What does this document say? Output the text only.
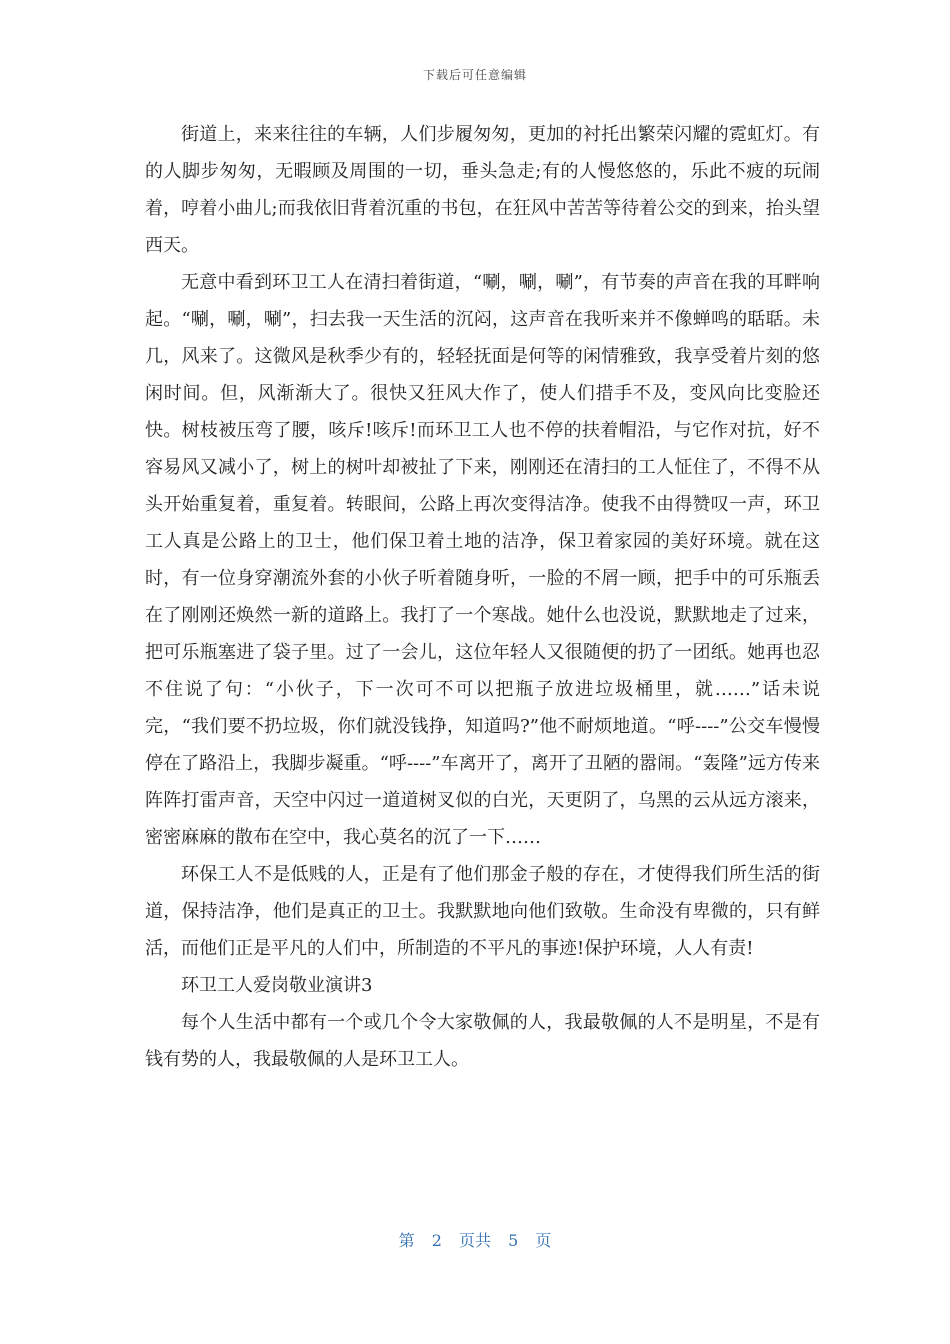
下载后可任意编辑

街道上，来来往往的车辆，人们步履匆匆，更加的衬托出繁荣闪耀的霓虹灯。有的人脚步匆匆，无暇顾及周围的一切，垂头急走;有的人慢悠悠的，乐此不疲的玩闹着，哼着小曲儿;而我依旧背着沉重的书包，在狂风中苦苦等待着公交的到来，抬头望西天。

无意中看到环卫工人在清扫着街道，“唰，唰，唰”，有节奏的声音在我的耳畔响起。“唰，唰，唰”，扫去我一天生活的沉闷，这声音在我听来并不像蝉鸣的聒聒。未几，风来了。这微风是秋季少有的，轻轻抚面是何等的闲情雅致，我享受着片刻的悠闲时间。但，风渐渐大了。很快又狂风大作了，使人们措手不及，变风向比变脸还快。树枝被压弯了腰，咳斥!咳斥!而环卫工人也不停的扶着帽沿，与它作对抗，好不容易风又减小了，树上的树叶却被扯了下来，刚刚还在清扫的工人怔住了，不得不从头开始重复着，重复着。转眼间，公路上再次变得洁净。使我不由得赞叹一声，环卫工人真是公路上的卫士，他们保卫着土地的洁净，保卫着家园的美好环境。就在这时，有一位身穿潮流外套的小伙子听着随身听，一脸的不屑一顾，把手中的可乐瓶丢在了刚刚还焕然一新的道路上。我打了一个寒战。她什么也没说，默默地走了过来，把可乐瓶塞进了袋子里。过了一会儿，这位年轻人又很随便的扔了一团纸。她再也忍不住说了句：“小伙子，下一次可不可以把瓶子放进垃圾桶里，就……”话未说完，“我们要不扔垃圾，你们就没钱挣，知道吗?”他不耐烦地道。“呼----”公交车慢慢停在了路沿上，我脚步凝重。“呼----”车离开了，离开了丑陋的嚣闹。“轰隆”远方传来阵阵打雷声音，天空中闪过一道道树叉似的白光，天更阴了，乌黑的云从远方滚来，密密麻麻的散布在空中，我心莫名的沉了一下……

环保工人不是低贱的人，正是有了他们那金子般的存在，才使得我们所生活的街道，保持洁净，他们是真正的卫士。我默默地向他们致敬。生命没有卑微的，只有鲜活，而他们正是平凡的人们中，所制造的不平凡的事迹!保护环境，人人有责!

环卫工人爱岗敬业演讲3

每个人生活中都有一个或几个令大家敬佩的人，我最敬佩的人不是明星，不是有钱有势的人，我最敬佩的人是环卫工人。

第 2 页共 5 页
